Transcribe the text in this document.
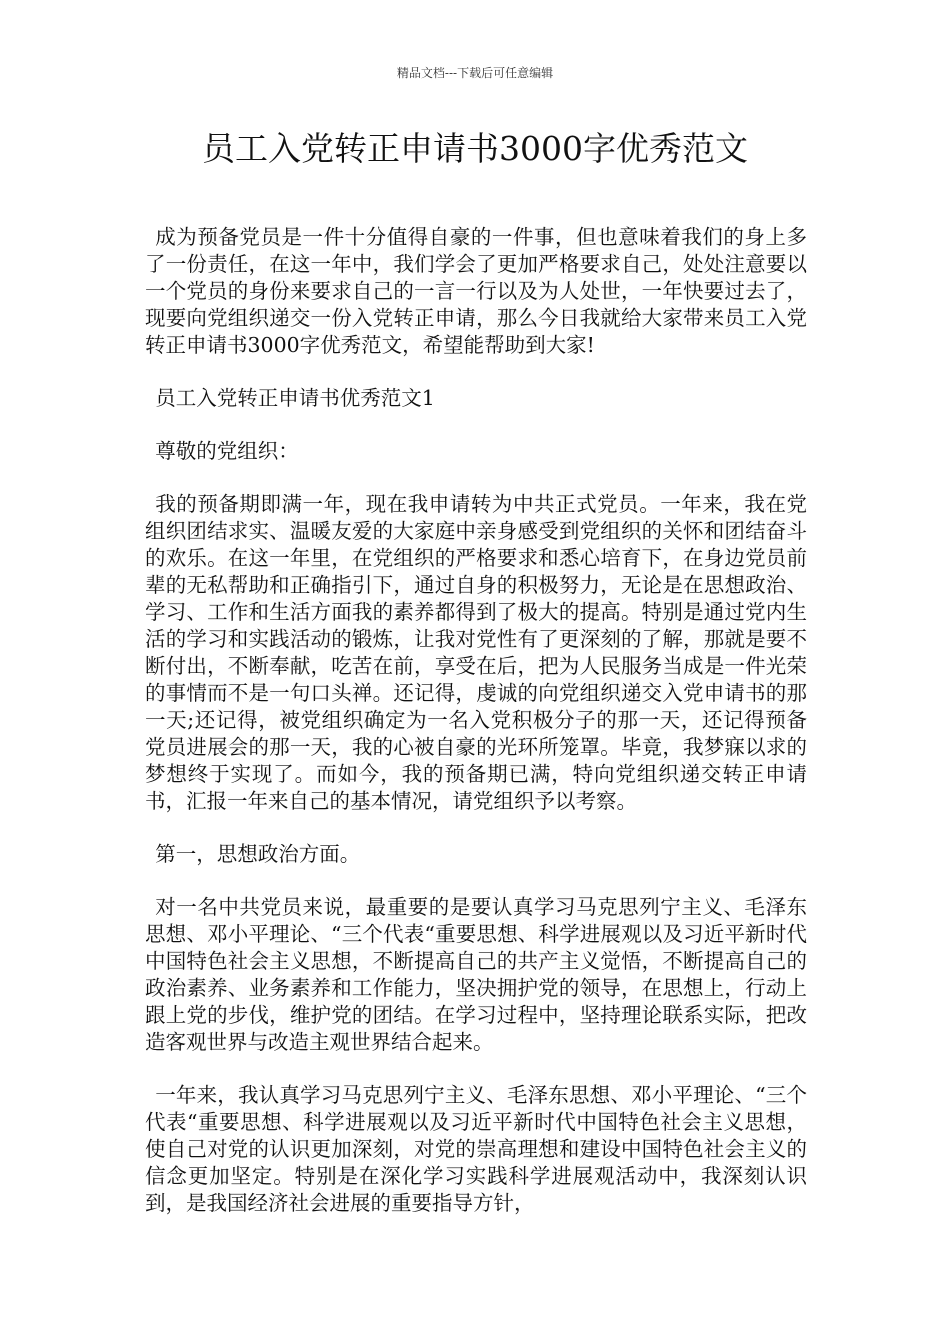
精品文档---下载后可任意编辑
员工入党转正申请书3000字优秀范文

成为预备党员是一件十分值得自豪的一件事，但也意味着我们的身上多了一份责任，在这一年中，我们学会了更加严格要求自己，处处注意要以一个党员的身份来要求自己的一言一行以及为人处世，一年快要过去了，现要向党组织递交一份入党转正申请，那么今日我就给大家带来员工入党转正申请书3000字优秀范文，希望能帮助到大家!

员工入党转正申请书优秀范文1

尊敬的党组织：

我的预备期即满一年，现在我申请转为中共正式党员。一年来，我在党组织团结求实、温暖友爱的大家庭中亲身感受到党组织的关怀和团结奋斗的欢乐。在这一年里，在党组织的严格要求和悉心培育下，在身边党员前辈的无私帮助和正确指引下，通过自身的积极努力，无论是在思想政治、学习、工作和生活方面我的素养都得到了极大的提高。特别是通过党内生活的学习和实践活动的锻炼，让我对党性有了更深刻的了解，那就是要不断付出，不断奉献，吃苦在前，享受在后，把为人民服务当成是一件光荣的事情而不是一句口头禅。还记得，虔诚的向党组织递交入党申请书的那一天;还记得，被党组织确定为一名入党积极分子的那一天，还记得预备党员进展会的那一天，我的心被自豪的光环所笼罩。毕竟，我梦寐以求的梦想终于实现了。而如今，我的预备期已满，特向党组织递交转正申请书，汇报一年来自己的基本情况，请党组织予以考察。

第一，思想政治方面。

对一名中共党员来说，最重要的是要认真学习马克思列宁主义、毛泽东思想、邓小平理论、“三个代表“重要思想、科学进展观以及习近平新时代中国特色社会主义思想，不断提高自己的共产主义觉悟，不断提高自己的政治素养、业务素养和工作能力，坚决拥护党的领导，在思想上，行动上跟上党的步伐，维护党的团结。在学习过程中，坚持理论联系实际，把改造客观世界与改造主观世界结合起来。

一年来，我认真学习马克思列宁主义、毛泽东思想、邓小平理论、“三个代表“重要思想、科学进展观以及习近平新时代中国特色社会主义思想，使自己对党的认识更加深刻，对党的崇高理想和建设中国特色社会主义的信念更加坚定。特别是在深化学习实践科学进展观活动中，我深刻认识到，是我国经济社会进展的重要指导方针，
